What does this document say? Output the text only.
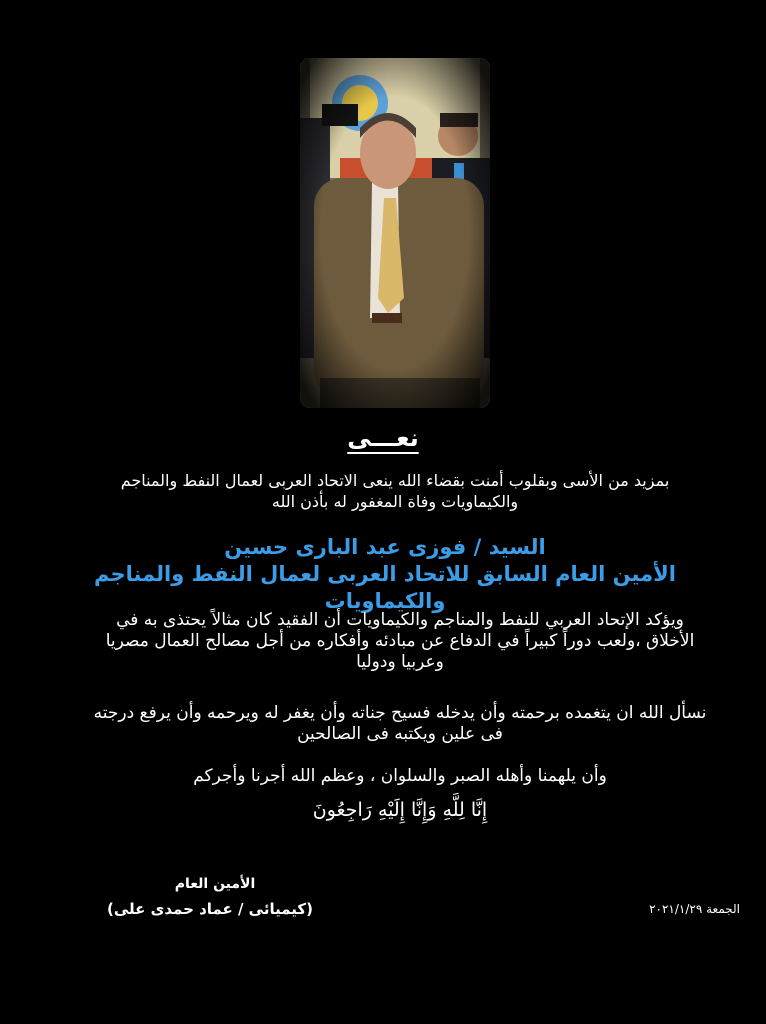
نعـــى
بمزيد من الأسى وبقلوب أمنت بقضاء الله ينعى الاتحاد العربى لعمال النفط والمناجم والكيماويات وفاة المغفور له بأذن الله
السيد / فوزى عبد البارى حسين
الأمين العام السابق للاتحاد العربى لعمال النفط والمناجم والكيماويات
ويؤكد الإتحاد العربي للنفط والمناجم والكيماويات أن الفقيد كان مثالاً يحتذى به في الأخلاق ،ولعب دوراً كبيراً في الدفاع عن مبادئه وأفكاره من أجل مصالح العمال مصريا وعربيا ودوليا
نسأل الله ان يتغمده برحمته وأن يدخله فسيح جناته وأن يغفر له ويرحمه وأن يرفع درجته فى علين ويكتبه فى الصالحين
وأن يلهمنا وأهله الصبر والسلوان ، وعظم الله أجرنا وأجركم
إِنَّا لِلَّهِ وَإِنَّا إِلَيْهِ رَاجِعُونَ
الأمين العام
(كيميائى / عماد حمدى على)	الجمعة ٢٠٢١/١/٢٩
